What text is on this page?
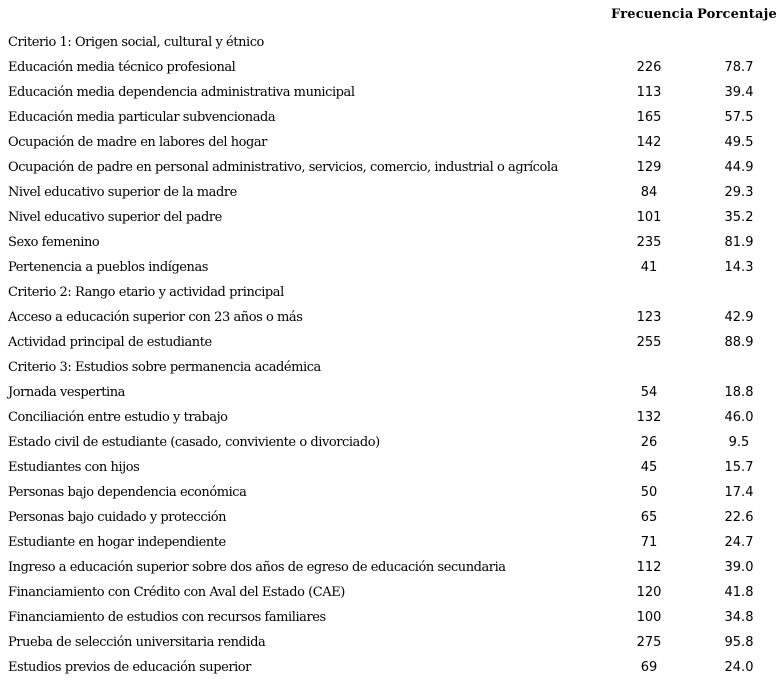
Frecuencia Porcentaje
Criterio 1: Origen social, cultural y étnico
Educación media técnico profesional	226	78.7
Educación media dependencia administrativa municipal	113	39.4
Educación media particular subvencionada	165	57.5
Ocupación de madre en labores del hogar	142	49.5
Ocupación de padre en personal administrativo, servicios, comercio, industrial o agrícola	129	44.9
Nivel educativo superior de la madre	84	29.3
Nivel educativo superior del padre	101	35.2
Sexo femenino	235	81.9
Pertenencia a pueblos indígenas	41	14.3
Criterio 2: Rango etario y actividad principal
Acceso a educación superior con 23 años o más	123	42.9
Actividad principal de estudiante	255	88.9
Criterio 3: Estudios sobre permanencia académica
Jornada vespertina	54	18.8
Conciliación entre estudio y trabajo	132	46.0
Estado civil de estudiante (casado, conviviente o divorciado)	26	9.5
Estudiantes con hijos	45	15.7
Personas bajo dependencia económica	50	17.4
Personas bajo cuidado y protección	65	22.6
Estudiante en hogar independiente	71	24.7
Ingreso a educación superior sobre dos años de egreso de educación secundaria	112	39.0
Financiamiento con Crédito con Aval del Estado (CAE)	120	41.8
Financiamiento de estudios con recursos familiares	100	34.8
Prueba de selección universitaria rendida	275	95.8
Estudios previos de educación superior	69	24.0
